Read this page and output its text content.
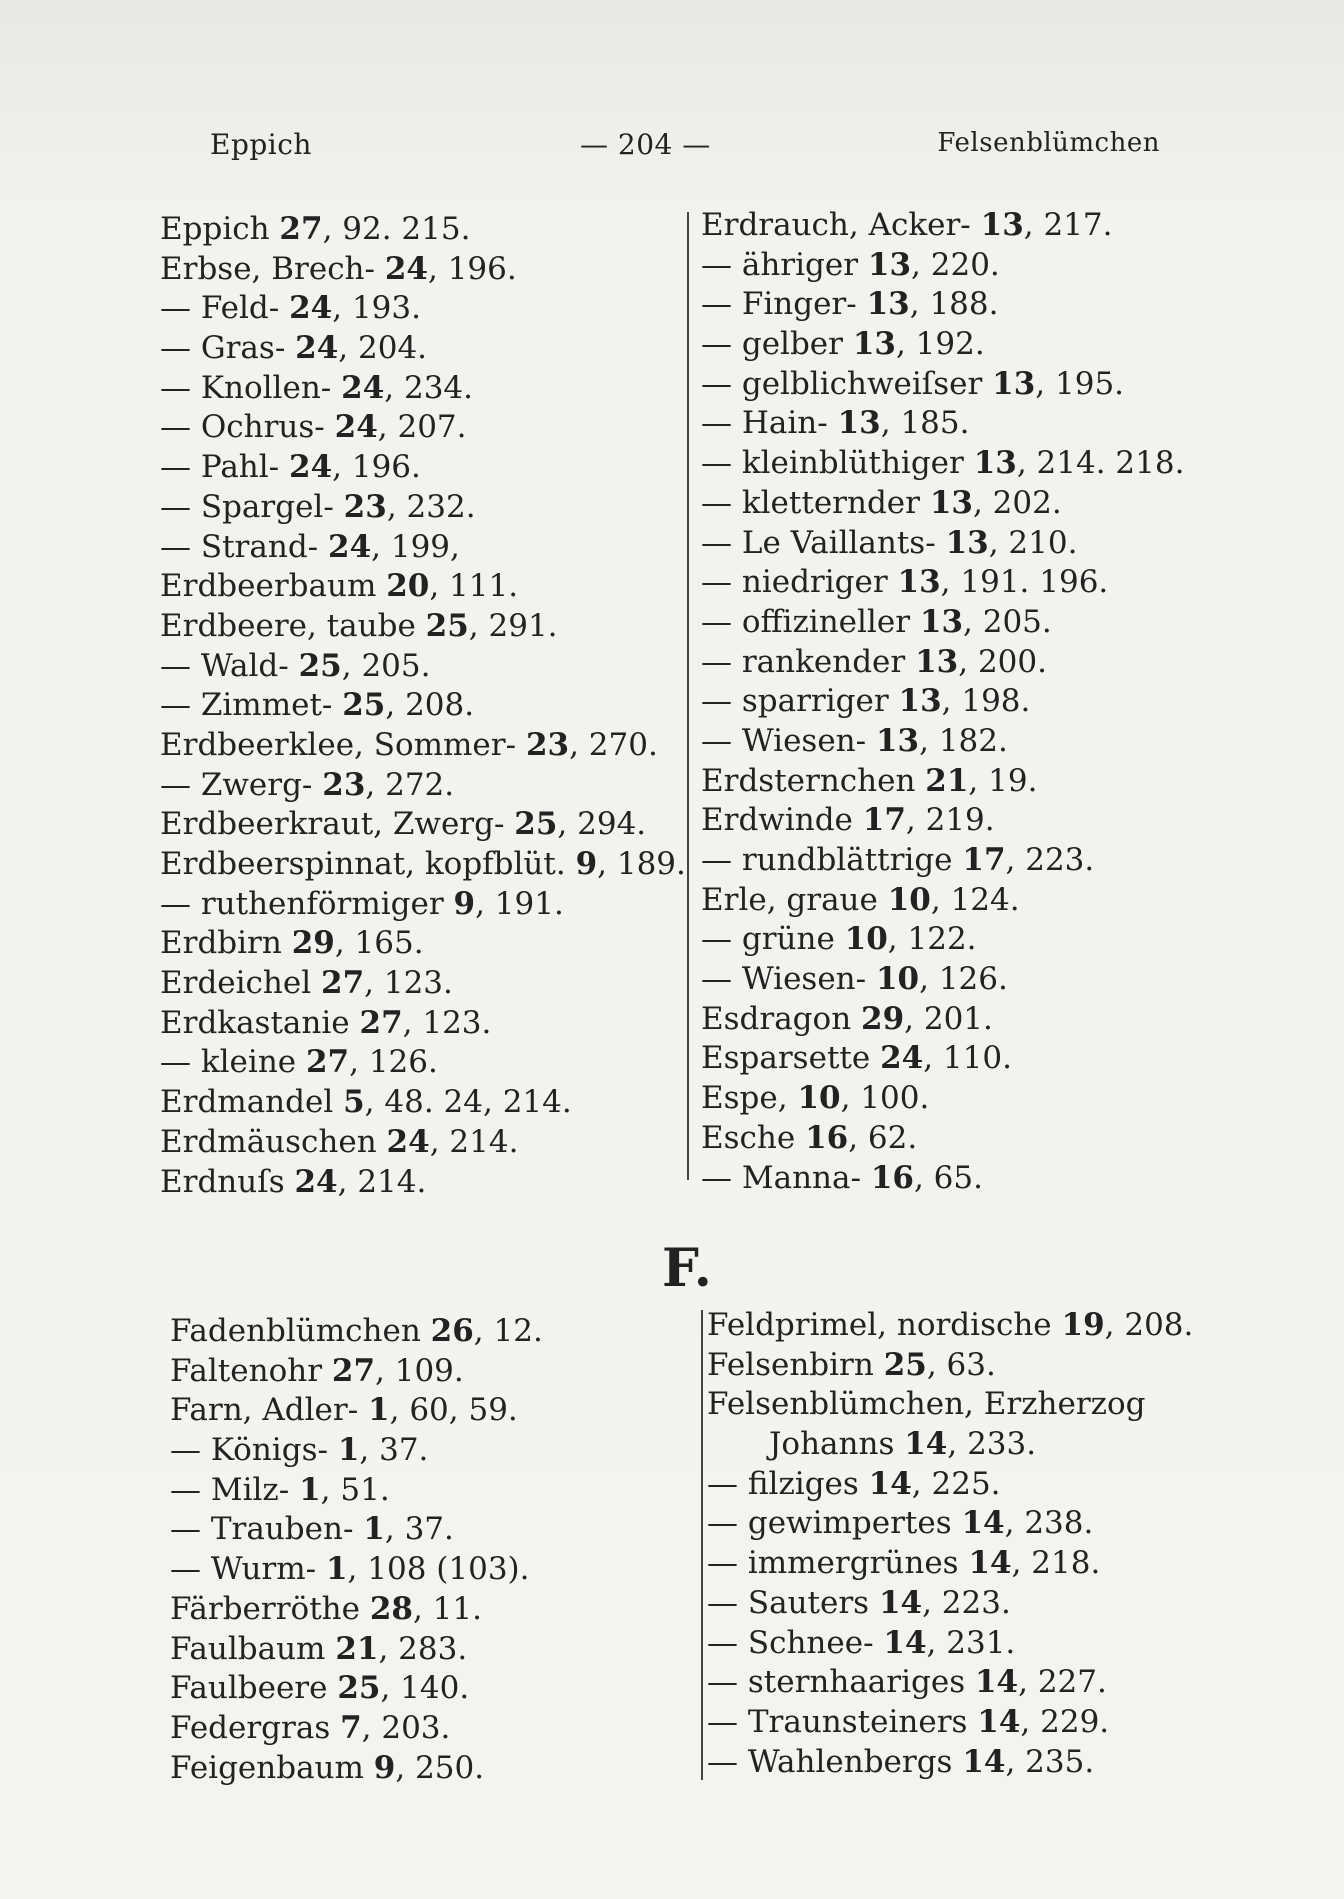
Eppich	— 204 —	Felsenblümchen
Eppich 27, 92. 215.
Erbse, Brech- 24, 196.
— Feld- 24, 193.
— Gras- 24, 204.
— Knollen- 24, 234.
— Ochrus- 24, 207.
— Pahl- 24, 196.
— Spargel- 23, 232.
— Strand- 24, 199,
Erdbeerbaum 20, 111.
Erdbeere, taube 25, 291.
— Wald- 25, 205.
— Zimmet- 25, 208.
Erdbeerklee, Sommer- 23, 270.
— Zwerg- 23, 272.
Erdbeerkraut, Zwerg- 25, 294.
Erdbeerspinnat, kopfblüt. 9, 189.
— ruthenförmiger 9, 191.
Erdbirn 29, 165.
Erdeichel 27, 123.
Erdkastanie 27, 123.
— kleine 27, 126.
Erdmandel 5, 48. 24, 214.
Erdmäuschen 24, 214.
Erdnuſs 24, 214.
Erdrauch, Acker- 13, 217.
— ähriger 13, 220.
— Finger- 13, 188.
— gelber 13, 192.
— gelblichweiſser 13, 195.
— Hain- 13, 185.
— kleinblüthiger 13, 214. 218.
— kletternder 13, 202.
— Le Vaillants- 13, 210.
— niedriger 13, 191. 196.
— offizineller 13, 205.
— rankender 13, 200.
— sparriger 13, 198.
— Wiesen- 13, 182.
Erdsternchen 21, 19.
Erdwinde 17, 219.
— rundblättrige 17, 223.
Erle, graue 10, 124.
— grüne 10, 122.
— Wiesen- 10, 126.
Esdragon 29, 201.
Esparsette 24, 110.
Espe, 10, 100.
Esche 16, 62.
— Manna- 16, 65.
F.
Fadenblümchen 26, 12.
Faltenohr 27, 109.
Farn, Adler- 1, 60, 59.
— Königs- 1, 37.
— Milz- 1, 51.
— Trauben- 1, 37.
— Wurm- 1, 108 (103).
Färberröthe 28, 11.
Faulbaum 21, 283.
Faulbeere 25, 140.
Federgras 7, 203.
Feigenbaum 9, 250.
Feldprimel, nordische 19, 208.
Felsenbirn 25, 63.
Felsenblümchen, Erzherzog
Johanns 14, 233.
— filziges 14, 225.
— gewimpertes 14, 238.
— immergrünes 14, 218.
— Sauters 14, 223.
— Schnee- 14, 231.
— sternhaariges 14, 227.
— Traunsteiners 14, 229.
— Wahlenbergs 14, 235.
